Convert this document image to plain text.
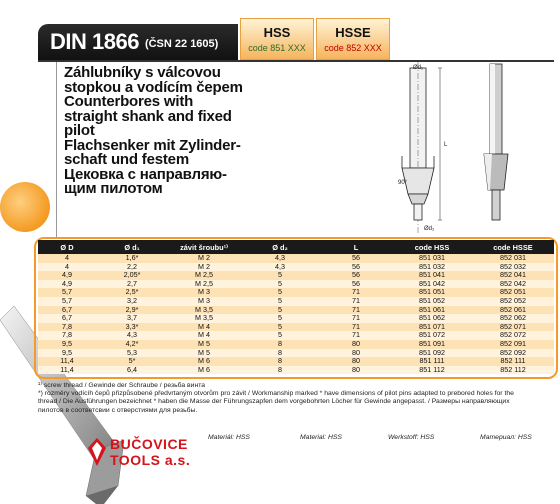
DIN 1866 (ČSN 22 1605)
HSS
code 851 XXX
HSSE
code 852 XXX
Záhlubníky s válcovou
stopkou a vodícím čepem
Counterbores with
straight shank and fixed
pilot
Flachsenker mit Zylinder-
schaft und festem
Цековка с направляю-
щим пилотом
Ød₁
L
90°
Ød₂
Ø D	Ø d₁	závit šroubu¹⁾	Ø d₂	L	code HSS	code HSSE
4	1,6*	M 2	4,3	56	851 031	852 031
4	2,2	M 2	4,3	56	851 032	852 032
4,9	2,05*	M 2,5	5	56	851 041	852 041
4,9	2,7	M 2,5	5	56	851 042	852 042
5,7	2,5*	M 3	5	71	851 051	852 051
5,7	3,2	M 3	5	71	851 052	852 052
6,7	2,9*	M 3,5	5	71	851 061	852 061
6,7	3,7	M 3,5	5	71	851 062	852 062
7,8	3,3*	M 4	5	71	851 071	852 071
7,8	4,3	M 4	5	71	851 072	852 072
9,5	4,2*	M 5	8	80	851 091	852 091
9,5	5,3	M 5	8	80	851 092	852 092
11,4	5*	M 6	8	80	851 111	852 111
11,4	6,4	M 6	8	80	851 112	852 112
¹⁾ screw thread / Gewinde der Schraube / резьба винта
*) rozměry vodícíh čepů přizpůsobené předvrtaným otvorům pro závit / Workmanship marked * have dimensions of pilot pins adapted to prebored holes for the
thread / Die Ausführungen bezeichnet * haben die Masse der Führungszapfen dem vorgebohrten Löcher für Gewinde angepasst. / Размеры направляющих
пилотов в соответсвии с отверстиями для резьбы.
BUČOVICE
TOOLS a.s.
Materiál: HSS	Material: HSS	Werkstoff: HSS	Материал: HSS
